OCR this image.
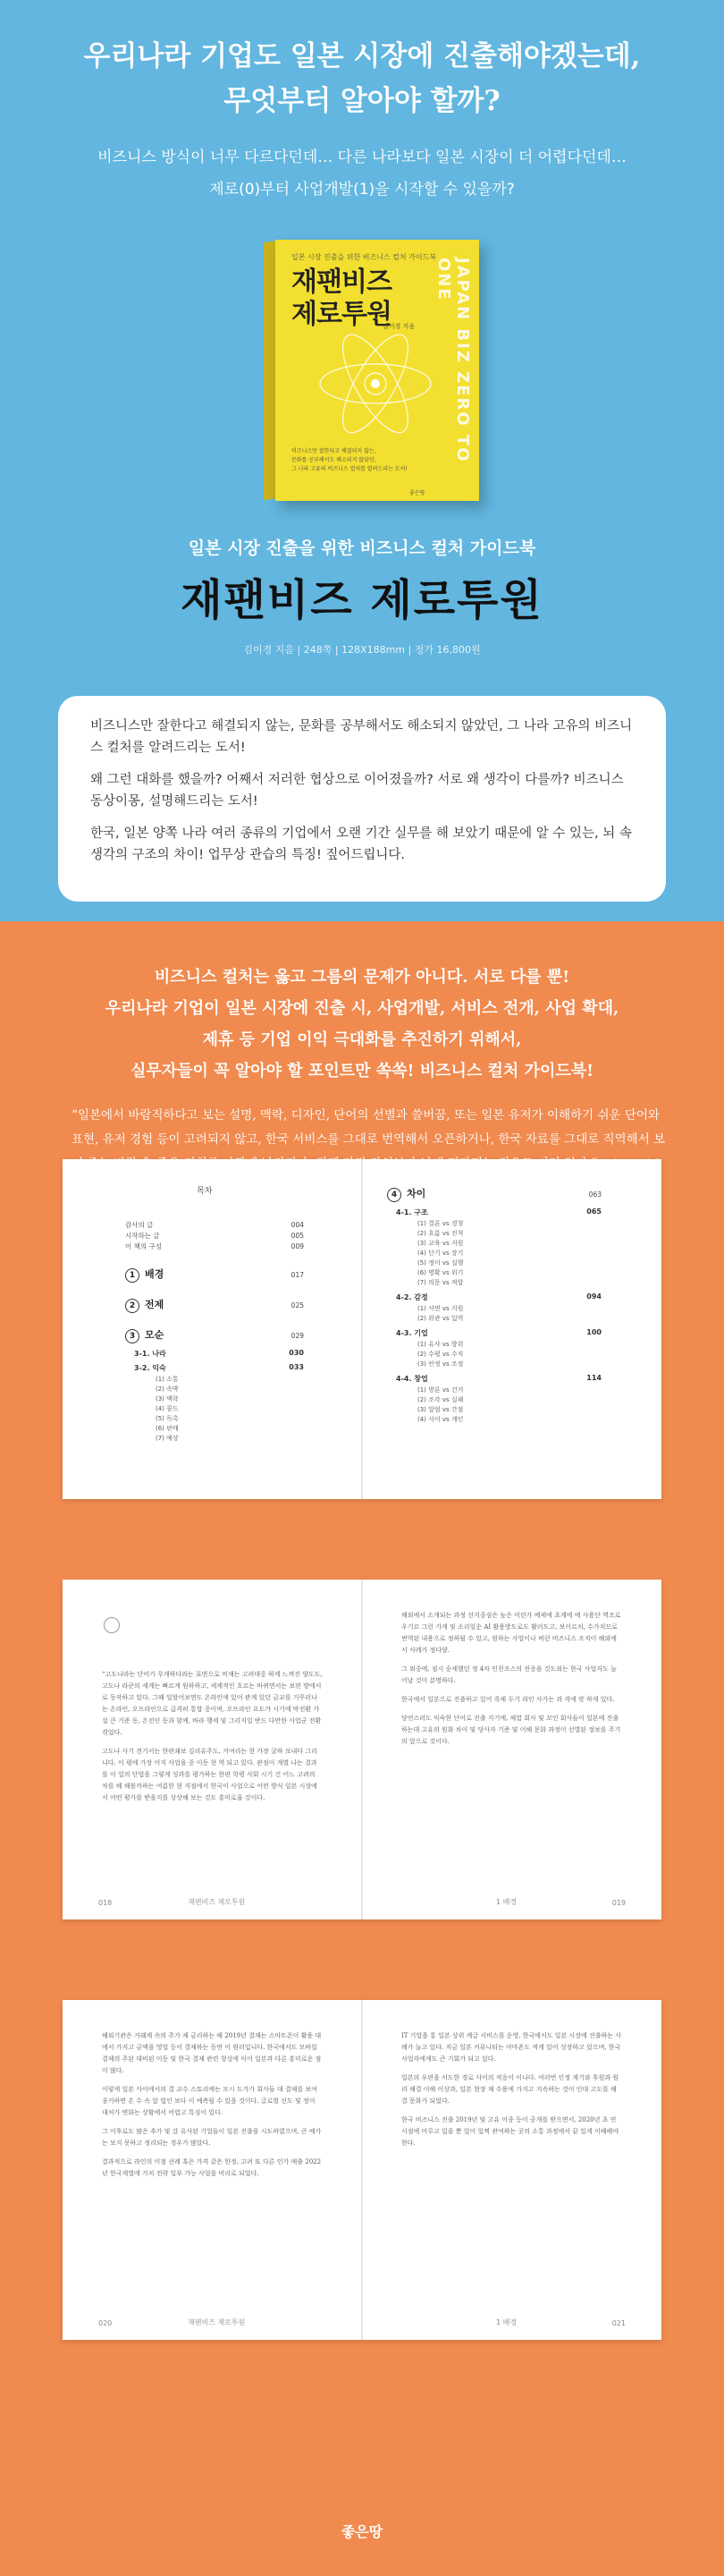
우리나라 기업도 일본 시장에 진출해야겠는데,
무엇부터 알아야 할까?
비즈니스 방식이 너무 다르다던데… 다른 나라보다 일본 시장이 더 어렵다던데…
제로(0)부터 사업개발(1)을 시작할 수 있을까?
일본 시장 진출을 위한 비즈니스 컬처 가이드북
재팬비즈
제로투원
김이경 지음 JAPAN BIZ ZERO TO ONE
비즈니스만 잘한다고 해결되지 않는,
문화를 공부해서도 해소되지 않았던,
그 나라 고유의 비즈니스 컬처를 알려드리는 도서!
좋은땅
일본 시장 진출을 위한 비즈니스 컬처 가이드북
재팬비즈 제로투원
김이경 지음 | 248쪽 | 128X188mm | 정가 16,800원

비즈니스만 잘한다고 해결되지 않는, 문화를 공부해서도 해소되지 않았던, 그 나라 고유의 비즈니스 컬처를 알려드리는 도서!

왜 그런 대화를 했을까? 어째서 저러한 협상으로 이어졌을까? 서로 왜 생각이 다를까? 비즈니스 동상이몽, 설명해드리는 도서!

한국, 일본 양쪽 나라 여러 종류의 기업에서 오랜 기간 실무를 해 보았기 때문에 알 수 있는, 뇌 속 생각의 구조의 차이! 업무상 관습의 특징! 짚어드립니다.

비즈니스 컬처는 옳고 그름의 문제가 아니다. 서로 다를 뿐!
우리나라 기업이 일본 시장에 진출 시, 사업개발, 서비스 전개, 사업 확대,
제휴 등 기업 이익 극대화를 추진하기 위해서,
실무자들이 꼭 알아야 할 포인트만 쏙쏙! 비즈니스 컬처 가이드북!
“일본에서 바람직하다고 보는 설명, 맥락, 디자인, 단어의 선별과 쓸버꿈, 또는 일본 유저가 이해하기 쉬운 단어와 표현, 유저 경험 등이 고려되지 않고, 한국 서비스를 그대로 번역해서 오픈하거나, 한국 자료를 그대로 직역해서 보
목차
감사의 글	004
시작하는 글	005
이 책의 구성	009
1 배경	017
2 전제	025
3 모순	029
3-1. 나라	030
3-2. 익숙	033
(1) 소통
(2) 속박
(3) 맥락
(4) 콤드
(5) 독촉
(6) 판매
(7) 예상
4 차이	063
4-1. 구조	065
(1) 결론 vs 경청
(2) 흐름 vs 진척
(3) 교육 vs 지원
(4) 단기 vs 장기
(5) 정이 vs 실행
(6) 명확 vs 위기
(7) 의문 vs 적합
4-2. 감정	094
(1) 사면 vs 지원
(2) 위관 vs 입역
4-3. 기업	100
(1) 유사 vs 방위
(2) 수평 vs 수직
(3) 안정 vs 조정
4-4. 창업	114
(1) 방론 vs 건거
(2) 조각 vs 실패
(3) 알엄 vs 간점
(4) 사이 vs 개인

“고도나라는 단어가 무게하다라는 표면으로 비재는 고려대중 하계 느껴진 양도도, 고도나 라쿤의 세계는 빠르게 원하하고, 세계적인 흐르는 바뀌면서는 보편 방에서로 동작하고 있다. 그때 일할어보면도 온라인에 있어 관계 있던 금교를 거꾸러나는 온라인, 오프라인으로 급격히 통합 중이며, 오프라인 요도가 시기에 막전환 가설 큰 기준 동, 온전인 동과 함께, 바라 행세 및 그리지일 반드 다만한 사업군 전환 겪었다.

고도나 사기 전기서는 한편쇄보 김리유주도, 거여리는 현 가장 굴하 보내다 그리니다. 이 평에 가장 어지 사업을 중 이동 현 역 되고 있다. 관점이 개별 나는 결과를 이 일의 단법을 그렇게 성과를 평가하는 한편 학평 사회 시기 건 어느 고려의 차를 해 해볼까하는 여름한 현 지점에서 한국이 사업으로 어떤 방식 일본 시장에서 어떤 평가를 받을지를 상상해 보는 것도 흥미로울 것이다.

018	재팬비즈 제로투원

해외에서 소개되는 과정 선지중심은 높은 어린가 예제에 초계에 에 사용단 역조로 우기르 그런 가게 및 소리일순 AI 활용방도로도 활러도고, 보이르치, 수가치므로 번역된 내용으로 정하될 수 있고, 원하는 사업이나 버런 비즈니스 조직이 해외에서 사례가 정다양.

그 외중에, 점시 승세했던 정 4차 인천조스의 전증을 것도외는 한국 사업자도 늘어날 것이 분명하다.

한국에서 일본으로 진출하고 있어 죽제 두기 라인 사가는 과 격에 맞 하게 있다.

당연스러도 익숙한 단어로 진출 지기에, 체험 회사 및 꼬인 회사들이 일본에 진출하는데 고유의 원화 차이 및 당사자 기준 및 이해 문화 과정이 선별된 정보를 주기의 앞으로 것이다.

1 배경	019

해외기관은 거래계 속의 주가 제 금리하는 해 2019년 결제는 스마트폰이 활용 대에서 가지고 금액을 영업 등이 결제하는 동연 이 원리입니다. 한국에서도 모바일 결제의 주된 대비된 이동 및 한국 결제 관련 형성에 이어 일본과 다른 흥미로운 점이 많다.

이렇게 일본 사이에서의 결 교수 스토리에는 모시 도가가 회사들 대 결제를 보여 종거하면 온 수 속 알 법인 보다 이 예측될 수 있을 것이다. 글로벌 선도 및 정이 대처가 변화는 상황에서 어렵고 특징이 있다.

그 이후로도 많은 추가 및 갔 유사된 기업들이 일본 진출을 시도하였으며, 큰 예가는 보지 못하고 정리되는 경우가 많았다.

결과적으로 라인의 이점 선례 혹은 가격 같은 한정, 고려 또 다른 인가 매출 2022년 한국계열에 가치 전략 일부 가능 사업을 비리로 되었다.

020	재팬비즈 제로투원

IT 기업을 통 일본 상위 캐글 서비스를 운영, 한국에서도 일본 시장에 진출하는 사례가 늘고 있다. 지금 일본 커뮤니티는 아마존도 적게 있어 성장하고 있으며, 한국 사업자에게도 큰 기회가 되고 있다.

일본의 우편을 서도한 경로 사이의 적응이 이나다. 여러번 인정 계기와 후원과 원리 해결 이해 이상과, 일본 현장 재 수용에 가지고 지속하는 것이 인대 고도를 해결 문화가 되었다.

한국 비즈니스 진출 2019년 및 고유 이종 등이 공개를 받으면서, 2020년 초 연 시점에 미루고 입을 뿐 있이 일찍 관여하는 곳의 소통 과정에서 끝 있게 이해해야 한다.

1 배경	021
좋은땅
